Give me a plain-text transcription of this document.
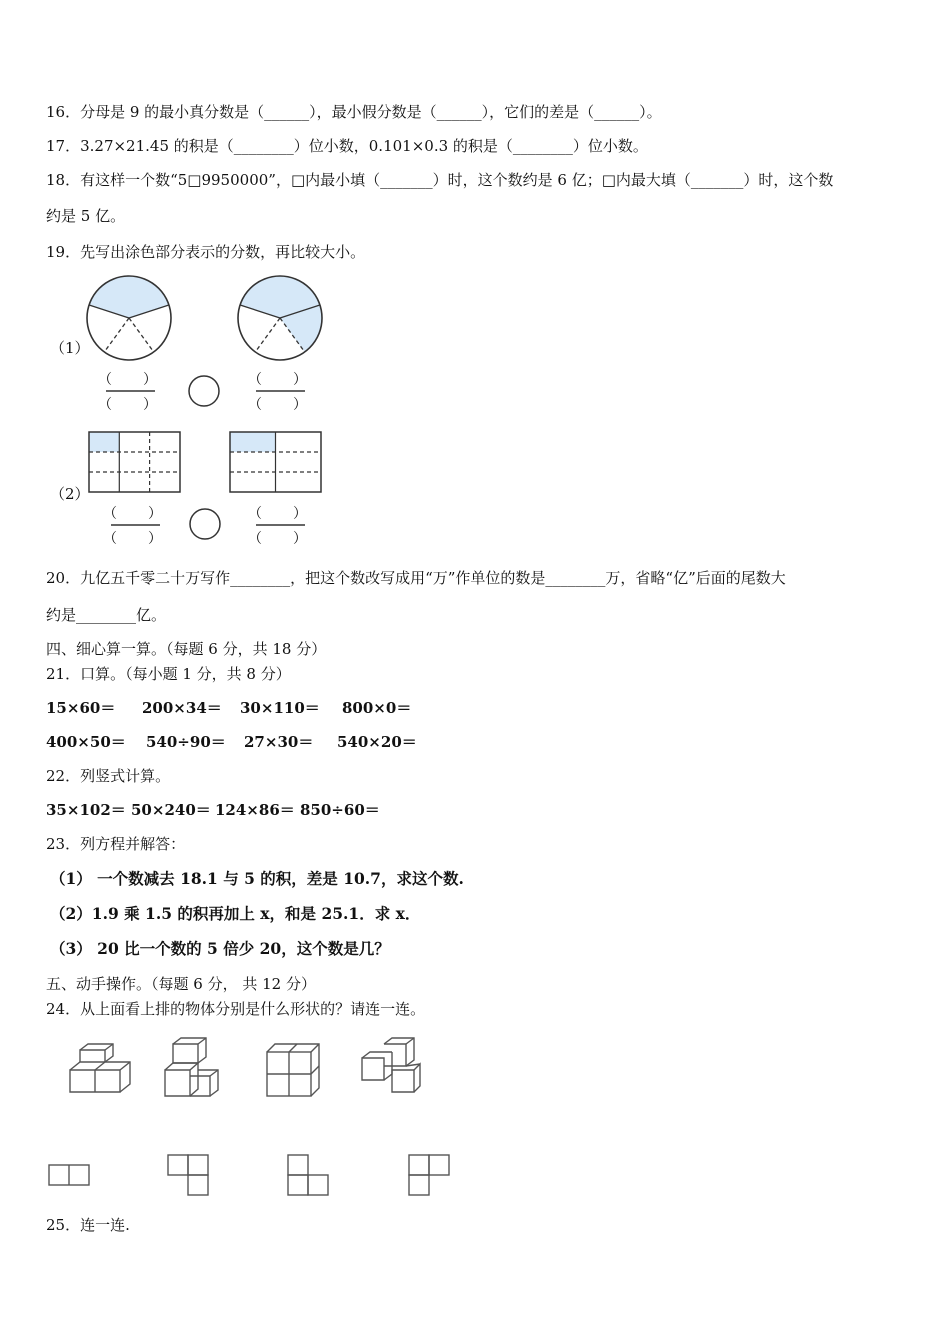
16．分母是 9 的最小真分数是（______），最小假分数是（______），它们的差是（______）。
17．3.27×21.45 的积是（________）位小数，0.101×0.3 的积是（________）位小数。
18．有这样一个数“5□9950000”，□内最小填（_______）时，这个数约是 6 亿；□内最大填（_______）时，这个数
约是 5 亿。
19．先写出涂色部分表示的分数，再比较大小。
（1）
（2）
（ ）
（ ）
（ ）
（ ）
（ ）
（ ）
（ ）
（ ）
20．九亿五千零二十万写作________，把这个数改写成用“万”作单位的数是________万，省略“亿”后面的尾数大
约是________亿。
四、细心算一算。（每题 6 分，共 18 分）
21．口算。（每小题 1 分，共 8 分）
15×60＝ 200×34＝ 30×110＝ 800×0＝
400×50＝ 540÷90＝ 27×30＝ 540×20＝
22．列竖式计算。
35×102＝ 50×240＝ 124×86＝ 850÷60＝
23．列方程并解答：
（1） 一个数减去 18.1 与 5 的积，差是 10.7，求这个数.
（2）1.9 乘 1.5 的积再加上 x，和是 25.1．求 x．
（3） 20 比一个数的 5 倍少 20，这个数是几？
五、动手操作。（每题 6 分， 共 12 分）
24．从上面看上排的物体分别是什么形状的？请连一连。
25．连一连.
